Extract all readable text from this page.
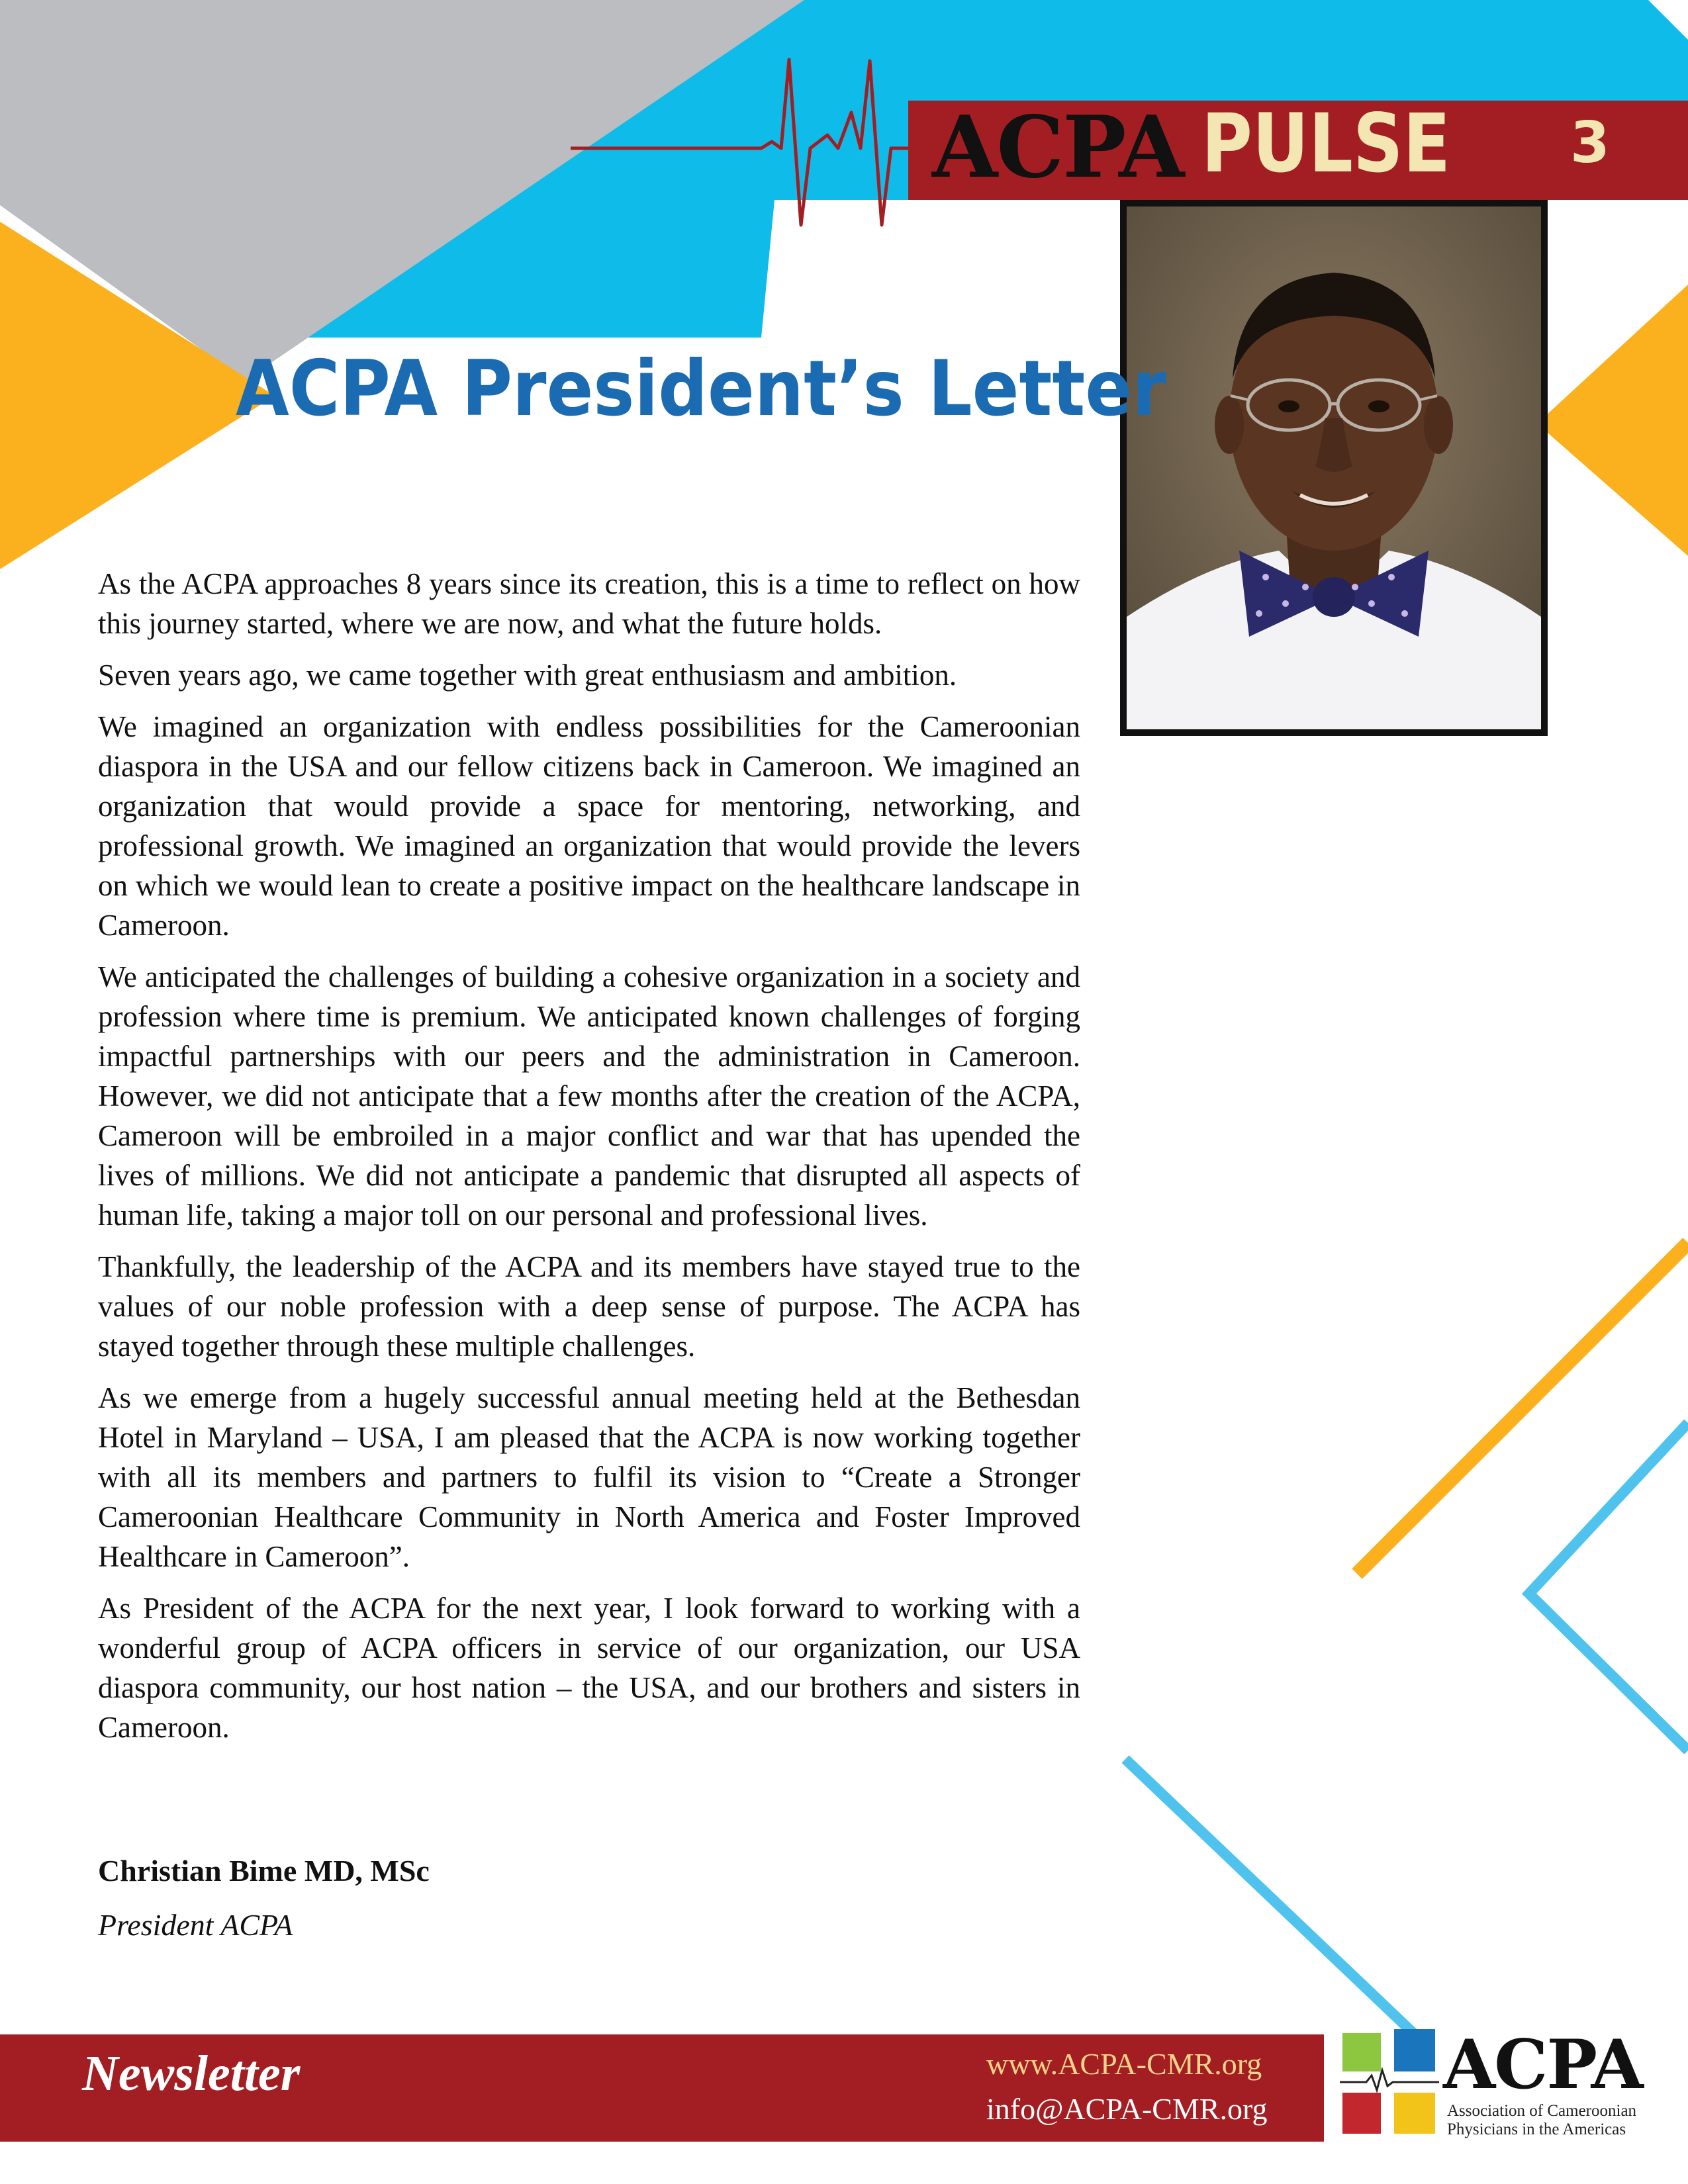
ACPA PULSE 3
ACPA President’s Letter

As the ACPA approaches 8 years since its creation, this is a time to reflect on how this journey started, where we are now, and what the future holds.

Seven years ago, we came together with great enthusiasm and ambition.

We imagined an organization with endless possibilities for the Cameroonian diaspora in the USA and our fellow citizens back in Cameroon. We imagined an organization that would provide a space for mentoring, networking, and professional growth. We imagined an organization that would provide the levers on which we would lean to create a positive impact on the healthcare landscape in Cameroon.

We anticipated the challenges of building a cohesive organization in a society and profession where time is premium. We anticipated known challenges of forging impactful partnerships with our peers and the administration in Cameroon. However, we did not anticipate that a few months after the creation of the ACPA, Cameroon will be embroiled in a major conflict and war that has upended the lives of millions. We did not anticipate a pandemic that disrupted all aspects of human life, taking a major toll on our personal and professional lives.

Thankfully, the leadership of the ACPA and its members have stayed true to the values of our noble profession with a deep sense of purpose. The ACPA has stayed together through these multiple challenges.

As we emerge from a hugely successful annual meeting held at the Bethesdan Hotel in Maryland – USA, I am pleased that the ACPA is now working together with all its members and partners to fulfil its vision to “Create a Stronger Cameroonian Healthcare Community in North America and Foster Improved Healthcare in Cameroon”.

As President of the ACPA for the next year, I look forward to working with a wonderful group of ACPA officers in service of our organization, our USA diaspora community, our host nation – the USA, and our brothers and sisters in Cameroon.

Christian Bime MD, MSc
President ACPA
Newsletter	www.ACPA-CMR.org
info@ACPA-CMR.org
ACPA
Association of Cameroonian
Physicians in the Americas
